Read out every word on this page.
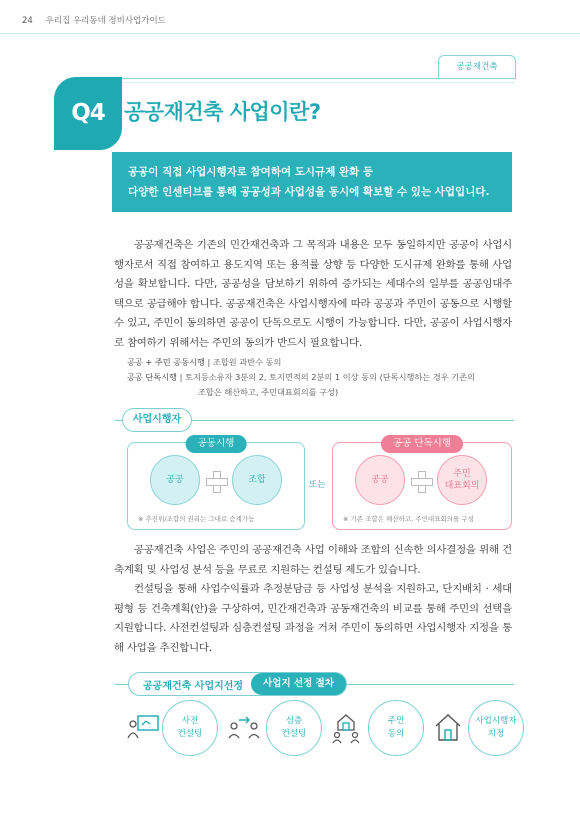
24 우리집 우리동네 정비사업가이드
공공재건축
Q4 공공재건축 사업이란?
공공이 직접 사업시행자로 참여하여 도시규제 완화 등
다양한 인센티브를 통해 공공성과 사업성을 동시에 확보할 수 있는 사업입니다.

공공재건축은 기존의 민간재건축과 그 목적과 내용은 모두 동일하지만 공공이 사업시행자로서 직접 참여하고 용도지역 또는 용적률 상향 등 다양한 도시규제 완화를 통해 사업성을 확보합니다. 다만, 공공성을 담보하기 위하여 증가되는 세대수의 일부를 공공임대주택으로 공급해야 합니다. 공공재건축은 사업시행자에 따라 공공과 주민이 공동으로 시행할 수 있고, 주민이 동의하면 공공이 단독으로도 시행이 가능합니다. 다만, 공공이 사업시행자로 참여하기 위해서는 주민의 동의가 반드시 필요합니다.

공공 + 주민 공동시행 | 조합원 과반수 동의
공공 단독시행 | 토지등소유자 3분의 2, 토지면적의 2분의 1 이상 동의 (단독시행하는 경우 기존의
조합은 해산하고, 주민대표회의를 구성)
사업시행자
공동시행
공공	조합
※ 추진위/조합의 권리는 그대로 승계가능
또는
공공 단독시행
공공
주민
대표회의
※ 기존 조합은 해산하고, 주민대표회의를 구성

공공재건축 사업은 주민의 공공재건축 사업 이해와 조합의 신속한 의사결정을 위해 건축계획 및 사업성 분석 등을 무료로 지원하는 컨설팅 제도가 있습니다.

컨설팅을 통해 사업수익률과 추정분담금 등 사업성 분석을 지원하고, 단지배치 · 세대평형 등 건축계획(안)을 구상하여, 민간재건축과 공동재건축의 비교를 통해 주민의 선택을 지원합니다. 사전컨설팅과 심층컨설팅 과정을 거쳐 주민이 동의하면 사업시행자 지정을 통해 사업을 추진합니다.

공공재건축 사업지선정	사업지 선정 절차
사전
컨설팅
심층
컨설팅
주민
동의
사업시행자
지정
